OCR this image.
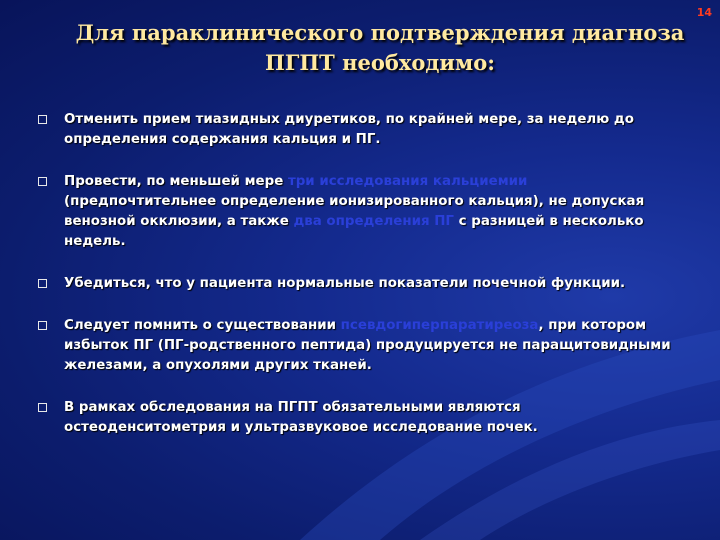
14
Для параклинического подтверждения диагноза
ПГПТ необходимо:
Отменить прием тиазидных диуретиков, по крайней мере, за неделю до определения содержания кальция и ПГ.
Провести, по меньшей мере три исследования кальциемии (предпочтительнее определение ионизированного кальция), не допуская венозной окклюзии, а также два определения ПГ с разницей в несколько недель.
Убедиться, что у пациента нормальные показатели почечной функции.
Следует помнить о существовании псевдогиперпаратиреоза, при котором избыток ПГ (ПГ-родственного пептида) продуцируется не паращитовидными железами, а опухолями других тканей.
В рамках обследования на ПГПТ обязательными являются остеоденситометрия и ультразвуковое исследование почек.
